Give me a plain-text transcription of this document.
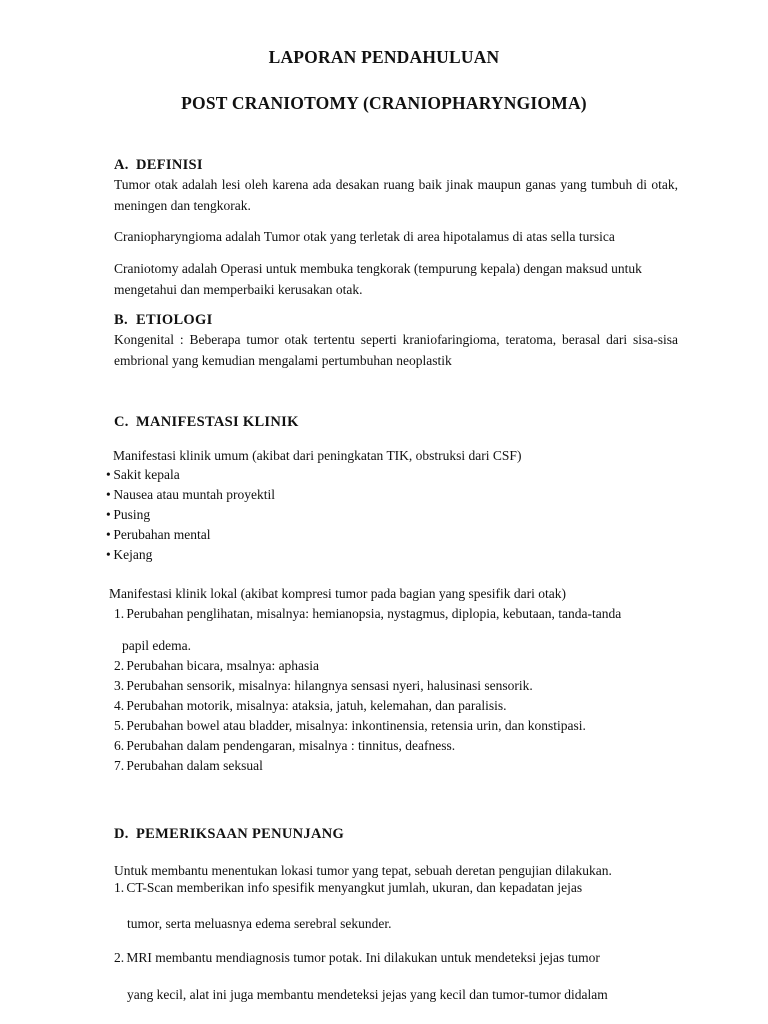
LAPORAN PENDAHULUAN
POST CRANIOTOMY (CRANIOPHARYNGIOMA)
A. DEFINISI

Tumor otak adalah lesi oleh karena ada desakan ruang baik jinak maupun ganas yang tumbuh di otak, meningen dan tengkorak.

Craniopharyngioma adalah Tumor otak yang terletak di area hipotalamus di atas sella tursica

Craniotomy adalah Operasi untuk membuka tengkorak (tempurung kepala) dengan maksud untuk mengetahui dan memperbaiki kerusakan otak.

B. ETIOLOGI

Kongenital : Beberapa tumor otak tertentu seperti kraniofaringioma, teratoma, berasal dari sisa-sisa embrional yang kemudian mengalami pertumbuhan neoplastik

C. MANIFESTASI KLINIK

Manifestasi klinik umum (akibat dari peningkatan TIK, obstruksi dari CSF)

• Sakit kepala

• Nausea atau muntah proyektil

• Pusing

• Perubahan mental

• Kejang

Manifestasi klinik lokal (akibat kompresi tumor pada bagian yang spesifik dari otak)

1. Perubahan penglihatan, misalnya: hemianopsia, nystagmus, diplopia, kebutaan, tanda-tanda

papil edema.

2. Perubahan bicara, msalnya: aphasia

3. Perubahan sensorik, misalnya: hilangnya sensasi nyeri, halusinasi sensorik.

4. Perubahan motorik, misalnya: ataksia, jatuh, kelemahan, dan paralisis.

5. Perubahan bowel atau bladder, misalnya: inkontinensia, retensia urin, dan konstipasi.

6. Perubahan dalam pendengaran, misalnya : tinnitus, deafness.

7. Perubahan dalam seksual

D. PEMERIKSAAN PENUNJANG

Untuk membantu menentukan lokasi tumor yang tepat, sebuah deretan pengujian dilakukan.

1. CT-Scan memberikan info spesifik menyangkut jumlah, ukuran, dan kepadatan jejas

tumor, serta meluasnya edema serebral sekunder.

2. MRI membantu mendiagnosis tumor potak. Ini dilakukan untuk mendeteksi jejas tumor

yang kecil, alat ini juga membantu mendeteksi jejas yang kecil dan tumor-tumor didalam
